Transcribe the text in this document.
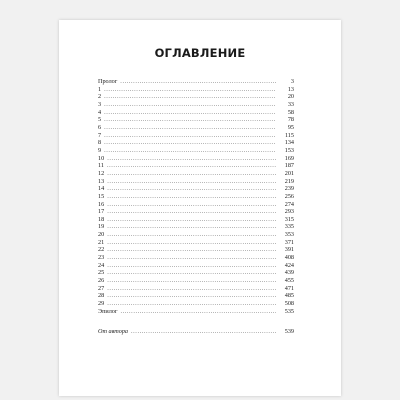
ОГЛАВЛЕНИЕ
Пролог .....	3
1 .....	13
2 .....	20
3 .....	33
4 .....	58
5 .....	78
6 .....	95
7 .....	115
8 .....	134
9 .....	153
10 .....	169
11 .....	187
12 .....	201
13 .....	219
14 .....	239
15 .....	256
16 .....	274
17 .....	293
18 .....	315
19 .....	335
20 .....	353
21 .....	371
22 .....	391
23 .....	408
24 .....	424
25 .....	439
26 .....	455
27 .....	471
28 .....	485
29 .....	508
Эпилог .....	535
От автора .....	539
